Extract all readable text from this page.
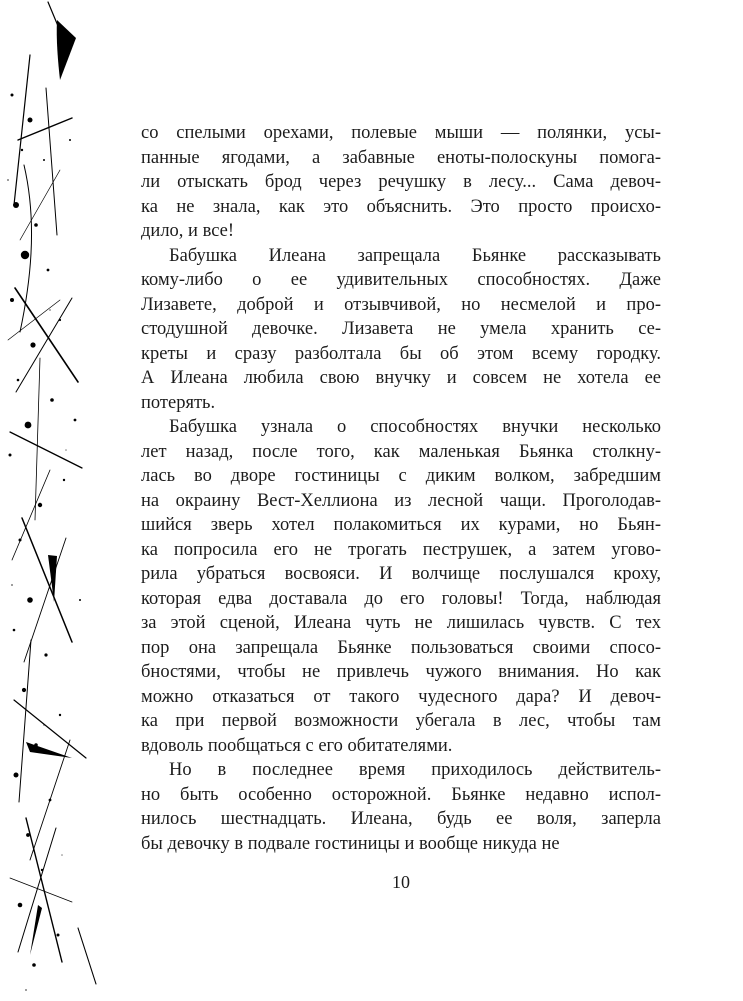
со спелыми орехами, полевые мыши — полянки, усы-
панные ягодами, а забавные еноты-полоскуны помога-
ли отыскать брод через речушку в лесу... Сама девоч-
ка не знала, как это объяснить. Это просто происхо-
дило, и все!

Бабушка Илеана запрещала Бьянке рассказывать
кому-либо о ее удивительных способностях. Даже
Лизавете, доброй и отзывчивой, но несмелой и про-
стодушной девочке. Лизавета не умела хранить се-
креты и сразу разболтала бы об этом всему городку.
А Илеана любила свою внучку и совсем не хотела ее
потерять.

Бабушка узнала о способностях внучки несколько
лет назад, после того, как маленькая Бьянка столкну-
лась во дворе гостиницы с диким волком, забредшим
на окраину Вест-Хеллиона из лесной чащи. Проголодав-
шийся зверь хотел полакомиться их курами, но Бьян-
ка попросила его не трогать пеструшек, а затем угово-
рила убраться восвояси. И волчище послушался кроху,
которая едва доставала до его головы! Тогда, наблюдая
за этой сценой, Илеана чуть не лишилась чувств. С тех
пор она запрещала Бьянке пользоваться своими спосо-
бностями, чтобы не привлечь чужого внимания. Но как
можно отказаться от такого чудесного дара? И девоч-
ка при первой возможности убегала в лес, чтобы там
вдоволь пообщаться с его обитателями.

Но в последнее время приходилось действитель-
но быть особенно осторожной. Бьянке недавно испол-
нилось шестнадцать. Илеана, будь ее воля, заперла
бы девочку в подвале гостиницы и вообще никуда не

10
